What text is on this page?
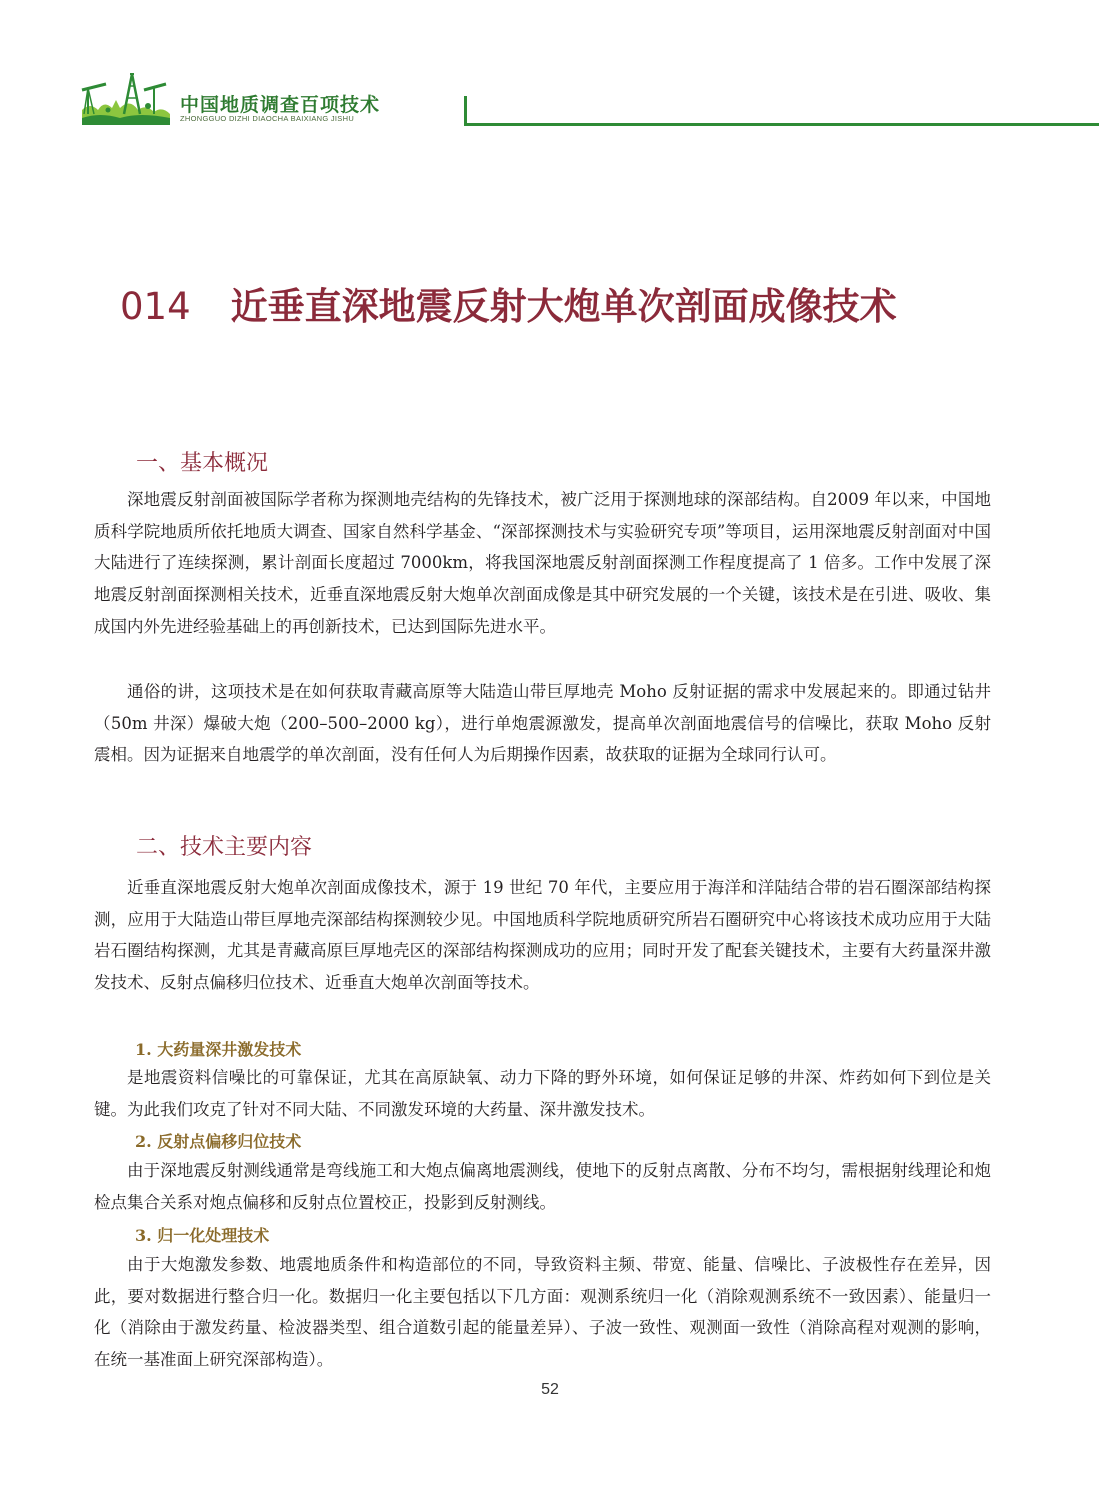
中国地质调查百项技术
ZHONGGUO DIZHI DIAOCHA BAIXIANG JISHU
014 近垂直深地震反射大炮单次剖面成像技术
一、基本概况

深地震反射剖面被国际学者称为探测地壳结构的先锋技术，被广泛用于探测地球的深部结构。自2009 年以来，中国地质科学院地质所依托地质大调查、国家自然科学基金、“深部探测技术与实验研究专项”等项目，运用深地震反射剖面对中国大陆进行了连续探测，累计剖面长度超过 7000km，将我国深地震反射剖面探测工作程度提高了 1 倍多。工作中发展了深地震反射剖面探测相关技术，近垂直深地震反射大炮单次剖面成像是其中研究发展的一个关键，该技术是在引进、吸收、集成国内外先进经验基础上的再创新技术，已达到国际先进水平。

通俗的讲，这项技术是在如何获取青藏高原等大陆造山带巨厚地壳 Moho 反射证据的需求中发展起来的。即通过钻井（50m 井深）爆破大炮（200–500–2000 kg），进行单炮震源激发，提高单次剖面地震信号的信噪比，获取 Moho 反射震相。因为证据来自地震学的单次剖面，没有任何人为后期操作因素，故获取的证据为全球同行认可。

二、技术主要内容

近垂直深地震反射大炮单次剖面成像技术，源于 19 世纪 70 年代，主要应用于海洋和洋陆结合带的岩石圈深部结构探测，应用于大陆造山带巨厚地壳深部结构探测较少见。中国地质科学院地质研究所岩石圈研究中心将该技术成功应用于大陆岩石圈结构探测，尤其是青藏高原巨厚地壳区的深部结构探测成功的应用；同时开发了配套关键技术，主要有大药量深井激发技术、反射点偏移归位技术、近垂直大炮单次剖面等技术。

1. 大药量深井激发技术

是地震资料信噪比的可靠保证，尤其在高原缺氧、动力下降的野外环境，如何保证足够的井深、炸药如何下到位是关键。为此我们攻克了针对不同大陆、不同激发环境的大药量、深井激发技术。

2. 反射点偏移归位技术

由于深地震反射测线通常是弯线施工和大炮点偏离地震测线，使地下的反射点离散、分布不均匀，需根据射线理论和炮检点集合关系对炮点偏移和反射点位置校正，投影到反射测线。

3. 归一化处理技术

由于大炮激发参数、地震地质条件和构造部位的不同，导致资料主频、带宽、能量、信噪比、子波极性存在差异，因此，要对数据进行整合归一化。数据归一化主要包括以下几方面：观测系统归一化（消除观测系统不一致因素）、能量归一化（消除由于激发药量、检波器类型、组合道数引起的能量差异）、子波一致性、观测面一致性（消除高程对观测的影响，在统一基准面上研究深部构造）。

52
